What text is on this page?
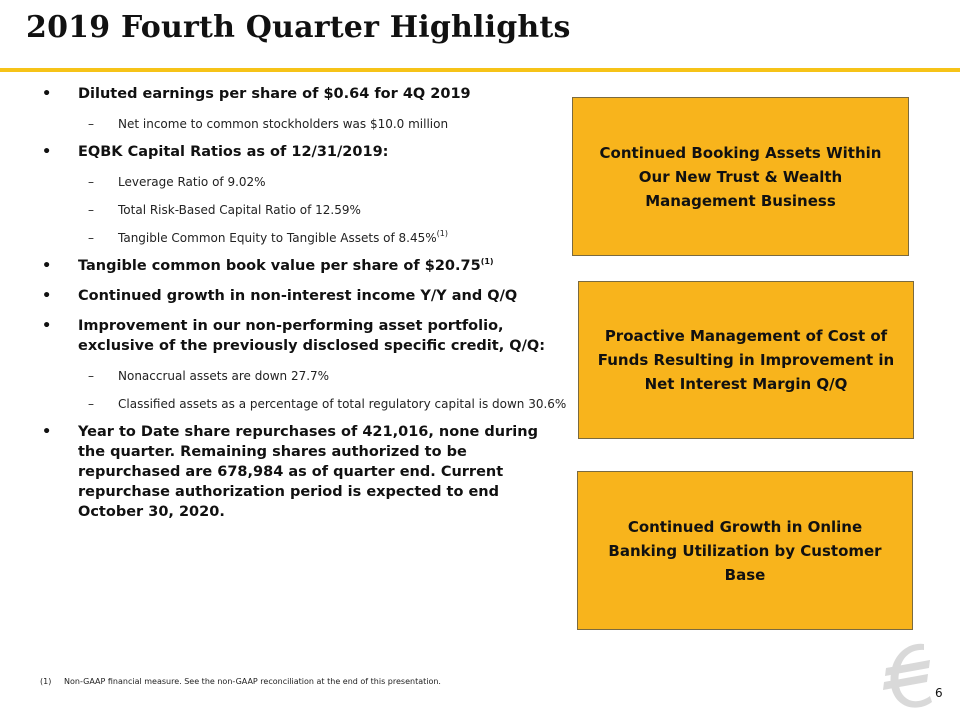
2019 Fourth Quarter Highlights
• Diluted earnings per share of $0.64 for 4Q 2019
– Net income to common stockholders was $10.0 million
• EQBK Capital Ratios as of 12/31/2019:
– Leverage Ratio of 9.02%
– Total Risk-Based Capital Ratio of 12.59%
– Tangible Common Equity to Tangible Assets of 8.45%$^{(1)}$
• Tangible common book value per share of $20.75$^{(1)}$
• Continued growth in non-interest income Y/Y and Q/Q
• Improvement in our non-performing asset portfolio, exclusive of the previously disclosed specific credit, Q/Q:
– Nonaccrual assets are down 27.7%
– Classified assets as a percentage of total regulatory capital is down 30.6%
• Year to Date share repurchases of 421,016, none during the quarter. Remaining shares authorized to be repurchased are 678,984 as of quarter end. Current repurchase authorization period is expected to end October 30, 2020.
Continued Booking Assets Within Our New Trust & Wealth Management Business
Proactive Management of Cost of Funds Resulting in Improvement in Net Interest Margin Q/Q
Continued Growth in Online Banking Utilization by Customer Base
(1) Non-GAAP financial measure. See the non-GAAP reconciliation at the end of this presentation.
6
